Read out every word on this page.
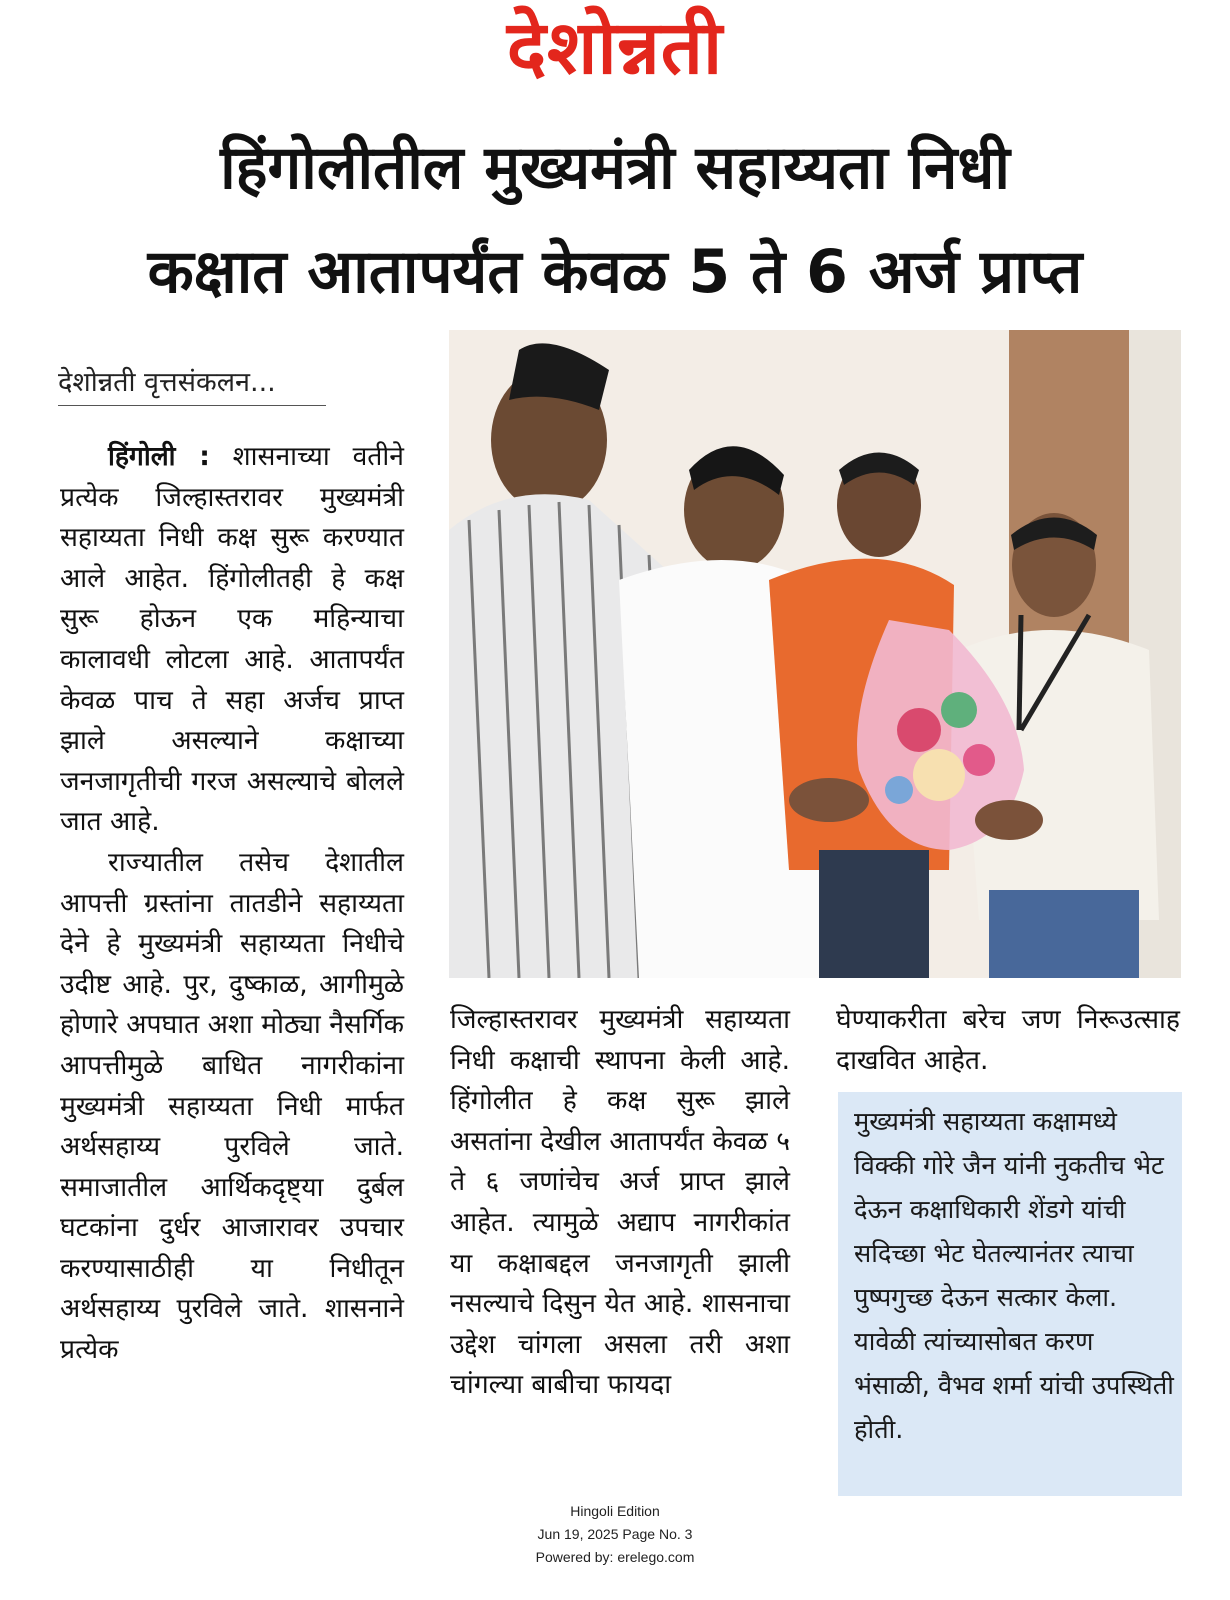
देशोन्नती
हिंगोलीतील मुख्यमंत्री सहाय्यता निधी
कक्षात आतापर्यंत केवळ 5 ते 6 अर्ज प्राप्त
देशोन्नती वृत्तसंकलन...

हिंगोली : शासनाच्या वतीने प्रत्येक जिल्हास्तरावर मुख्यमंत्री सहाय्यता निधी कक्ष सुरू करण्यात आले आहेत. हिंगोलीतही हे कक्ष सुरू होऊन एक महिन्याचा कालावधी लोटला आहे. आतापर्यंत केवळ पाच ते सहा अर्जच प्राप्त झाले असल्याने कक्षाच्या जनजागृतीची गरज असल्याचे बोलले जात आहे.

राज्यातील तसेच देशातील आपत्ती ग्रस्तांना तातडीने सहाय्यता देने हे मुख्यमंत्री सहाय्यता निधीचे उदीष्ट आहे. पुर, दुष्काळ, आगीमुळे होणारे अपघात अशा मोठ्या नैसर्गिक आपत्तीमुळे बाधित नागरीकांना मुख्यमंत्री सहाय्यता निधी मार्फत अर्थसहाय्य पुरविले जाते. समाजातील आर्थिकदृष्ट्या दुर्बल घटकांना दुर्धर आजारावर उपचार करण्यासाठीही या निधीतून अर्थसहाय्य पुरविले जाते. शासनाने प्रत्येक

जिल्हास्तरावर मुख्यमंत्री सहाय्यता निधी कक्षाची स्थापना केली आहे. हिंगोलीत हे कक्ष सुरू झाले असतांना देखील आतापर्यंत केवळ ५ ते ६ जणांचेच अर्ज प्राप्त झाले आहेत. त्यामुळे अद्याप नागरीकांत या कक्षाबद्दल जनजागृती झाली नसल्याचे दिसुन येत आहे. शासनाचा उद्देश चांगला असला तरी अशा चांगल्या बाबीचा फायदा

घेण्याकरीता बरेच जण निरूउत्साह दाखवित आहेत.

मुख्यमंत्री सहाय्यता कक्षामध्ये विक्की गोरे जैन यांनी नुकतीच भेट देऊन कक्षाधिकारी शेंडगे यांची सदिच्छा भेट घेतल्यानंतर त्याचा पुष्पगुच्छ देऊन सत्कार केला. यावेळी त्यांच्यासोबत करण भंसाळी, वैभव शर्मा यांची उपस्थिती होती.
Hingoli Edition
Jun 19, 2025 Page No. 3
Powered by: erelego.com
